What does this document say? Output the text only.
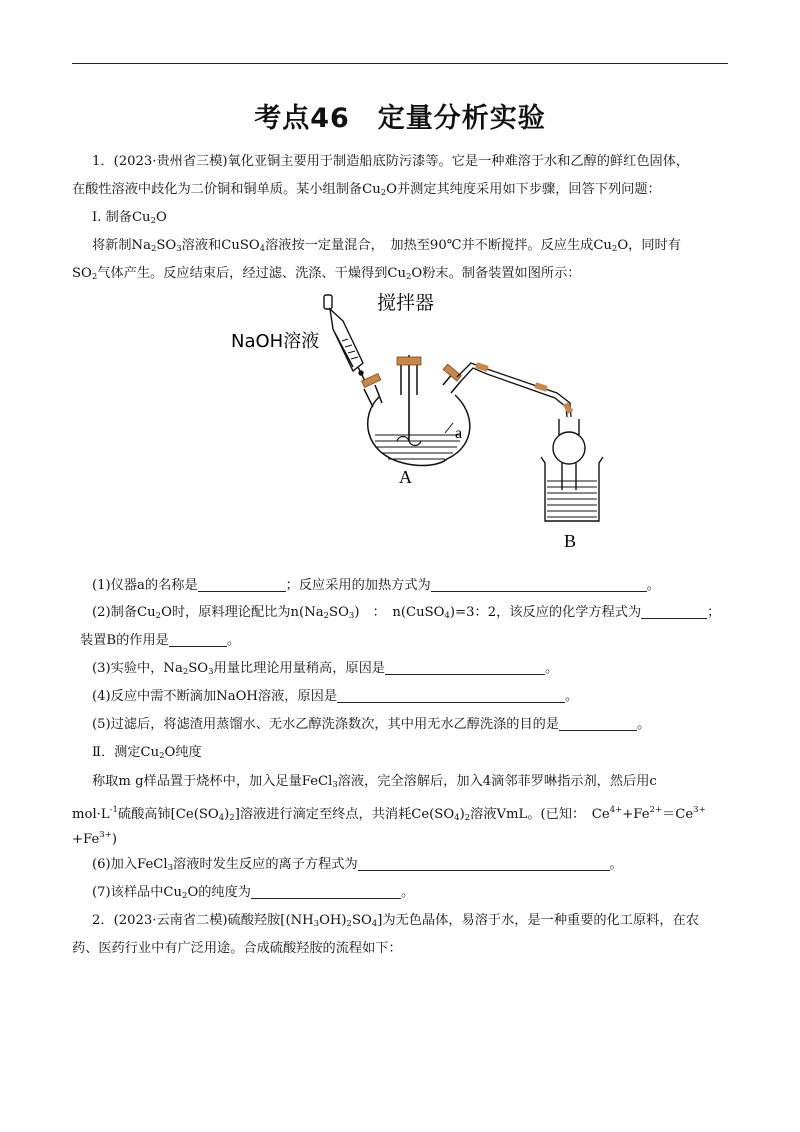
考点46　定量分析实验
1．(2023·贵州省三模)氧化亚铜主要用于制造船底防污漆等。它是一种难溶于水和乙醇的鲜红色固体，
在酸性溶液中歧化为二价铜和铜单质。某小组制备$Cu_2O$并测定其纯度采用如下步骤，回答下列问题：
I. 制备$Cu_2O$
将新制$Na_2SO_3$溶液和CuSO$_4$溶液按一定量混合，　加热至90℃并不断搅拌。反应生成$Cu_2O$，同时有
$SO_2$气体产生。反应结束后，经过滤、洗涤、干燥得到$Cu_2O$粉末。制备装置如图所示：
搅拌器
NaOH溶液
a
A
B
(1)仪器a的名称是	；反应采用的加热方式为	。
(2)制备$Cu_2O$时，原料理论配比为$n(Na_2SO_3)$　：　n(CuSO$_4$)=3：2，该反应的化学方程式为	；
装置B的作用是	。
(3)实验中，$Na_2SO_3$用量比理论用量稍高，原因是	。
(4)反应中需不断滴加NaOH溶液，原因是	。
(5)过滤后，将滤渣用蒸馏水、无水乙醇洗涤数次，其中用无水乙醇洗涤的目的是	。
Ⅱ．测定$Cu_2O$纯度
称取m g样品置于烧杯中，加入足量FeCl$_3$溶液，完全溶解后，加入4滴邻菲罗啉指示剂，然后用c
$mol\cdot L^{-1}$硫酸高铈$[Ce(SO_4)_2]$溶液进行滴定至终点，共消耗$Ce(SO_4)_2$溶液VmL。(已知：　$Ce^{4+}+Fe^{2+}=Ce^{3+}$
$+Fe^{3+}$)
(6)加入FeCl$_3$溶液时发生反应的离子方程式为	。
(7)该样品中$Cu_2O$的纯度为	。
2．(2023·云南省二模)硫酸羟胺$[(NH_3OH)_2SO_4]$为无色晶体，易溶于水，是一种重要的化工原料，在农
药、医药行业中有广泛用途。合成硫酸羟胺的流程如下：
